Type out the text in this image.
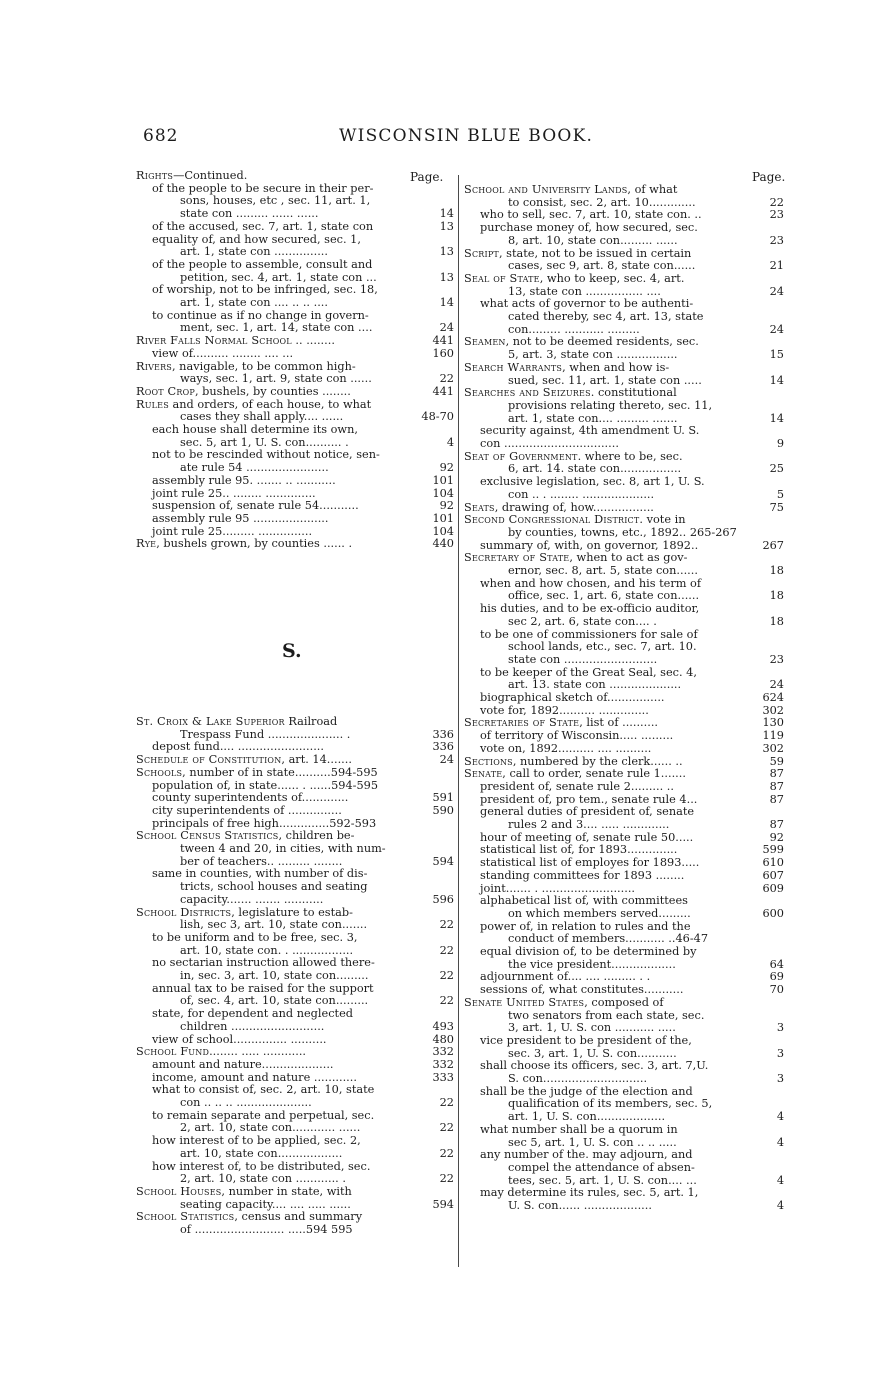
682	WISCONSIN BLUE BOOK.
Page.	Page.
Rights—Continued.
of the people to be secure in their per-
sons, houses, etc , sec. 11, art. 1,
state con ......... ...... ......	14
of the accused, sec. 7, art. 1, state con	13
equality of, and how secured, sec. 1,
art. 1, state con ...............	13
of the people to assemble, consult and
petition, sec. 4, art. 1, state con ...	13
of worship, not to be infringed, sec. 18,
art. 1, state con .... .. .. ....	14
to continue as if no change in govern-
ment, sec. 1, art. 14, state con ....	24
River Falls Normal School .. ........	441
view of.......... ........ .... ...	160
Rivers, navigable, to be common high-
ways, sec. 1, art. 9, state con ......	22
Root Crop, bushels, by counties ........	441
Rules and orders, of each house, to what
cases they shall apply.... ......	48-70
each house shall determine its own,
sec. 5, art 1, U. S. con.......... .	4
not to be rescinded without notice, sen-
ate rule 54 .......................	92
assembly rule 95. ....... .. ...........	101
joint rule 25.. ........ ..............	104
suspension of, senate rule 54...........	92
assembly rule 95 .....................	101
joint rule 25......... ...............	104
Rye, bushels grown, by counties ...... .	440
St. Croix & Lake Superior Railroad
Trespass Fund ..................... .	336
depost fund.... ........................	336
Schedule of Constitution, art. 14.......	24
Schools, number of in state..........594-595
population of, in state...... . ......594-595
county superintendents of.............	591
city superintendents of ...............	590
principals of free high..............592-593
School Census Statistics, children be-
tween 4 and 20, in cities, with num-
ber of teachers.. ......... ........	594
same in counties, with number of dis-
tricts, school houses and seating
capacity....... ....... ...........	596
School Districts, legislature to estab-
lish, sec 3, art. 10, state con.......	22
to be uniform and to be free, sec. 3,
art. 10, state con. . .................	22
no sectarian instruction allowed there-
in, sec. 3, art. 10, state con.........	22
annual tax to be raised for the support
of, sec. 4, art. 10, state con.........	22
state, for dependent and neglected
children ..........................	493
view of school............... ..........	480
School Fund........ ..... ............	332
amount and nature....................	332
income, amount and nature ............	333
what to consist of, sec. 2, art. 10, state
con .. .. .. .....................	22
to remain separate and perpetual, sec.
2, art. 10, state con............ ......	22
how interest of to be applied, sec. 2,
art. 10, state con..................	22
how interest of, to be distributed, sec.
2, art. 10, state con ............ .	22
School Houses, number in state, with
seating capacity.... .... ..... ......	594
School Statistics, census and summary
of ......................... .....594 595
S.
School and University Lands, of what
to consist, sec. 2, art. 10.............	22
who to sell, sec. 7, art. 10, state con. ..	23
purchase money of, how secured, sec.
8, art. 10, state con......... ......	23
Script, state, not to be issued in certain
cases, sec 9, art. 8, state con......	21
Seal of State, who to keep, sec. 4, art.
13, state con ................ ....	24
what acts of governor to be authenti-
cated thereby, sec 4, art. 13, state
con......... ........... .........	24
Seamen, not to be deemed residents, sec.
5, art. 3, state con .................	15
Search Warrants, when and how is-
sued, sec. 11, art. 1, state con .....	14
Searches and Seizures. constitutional
provisions relating thereto, sec. 11,
art. 1, state con.... ......... .......	14
security against, 4th amendment U. S.
con ................................	9
Seat of Government. where to be, sec.
6, art. 14. state con.................	25
exclusive legislation, sec. 8, art 1, U. S.
con .. . ........ ....................	5
Seats, drawing of, how.................	75
Second Congressional District. vote in
by counties, towns, etc., 1892.. 265-267
summary of, with, on governor, 1892..	267
Secretary of State, when to act as gov-
ernor, sec. 8, art. 5, state con......	18
when and how chosen, and his term of
office, sec. 1, art. 6, state con......	18
his duties, and to be ex-officio auditor,
sec 2, art. 6, state con.... .	18
to be one of commissioners for sale of
school lands, etc., sec. 7, art. 10.
state con ..........................	23
to be keeper of the Great Seal, sec. 4,
art. 13. state con ....................	24
biographical sketch of................	624
vote for, 1892.......... ..............	302
Secretaries of State, list of ..........	130
of territory of Wisconsin..... .........	119
vote on, 1892.......... .... ..........	302
Sections, numbered by the clerk...... ..	59
Senate, call to order, senate rule 1.......	87
president of, senate rule 2......... ..	87
president of, pro tem., senate rule 4...	87
general duties of president of, senate
rules 2 and 3.... ..... .............	87
hour of meeting of, senate rule 50.....	92
statistical list of, for 1893..............	599
statistical list of employes for 1893.....	610
standing committees for 1893 ........	607
joint....... . ..........................	609
alphabetical list of, with committees
on which members served.........	600
power of, in relation to rules and the
conduct of members........... ..46-47
equal division of, to be determined by
the vice president..................	64
adjournment of.... .... ......... . .	69
sessions of, what constitutes...........	70
Senate United States, composed of
two senators from each state, sec.
3, art. 1, U. S. con ........... .....	3
vice president to be president of the,
sec. 3, art. 1, U. S. con...........	3
shall choose its officers, sec. 3, art. 7,U.
S. con.............................	3
shall be the judge of the election and
qualification of its members, sec. 5,
art. 1, U. S. con...................	4
what number shall be a quorum in
sec 5, art. 1, U. S. con .. .. .....	4
any number of the. may adjourn, and
compel the attendance of absen-
tees, sec. 5, art. 1, U. S. con.... ...	4
may determine its rules, sec. 5, art. 1,
U. S. con...... ...................	4
